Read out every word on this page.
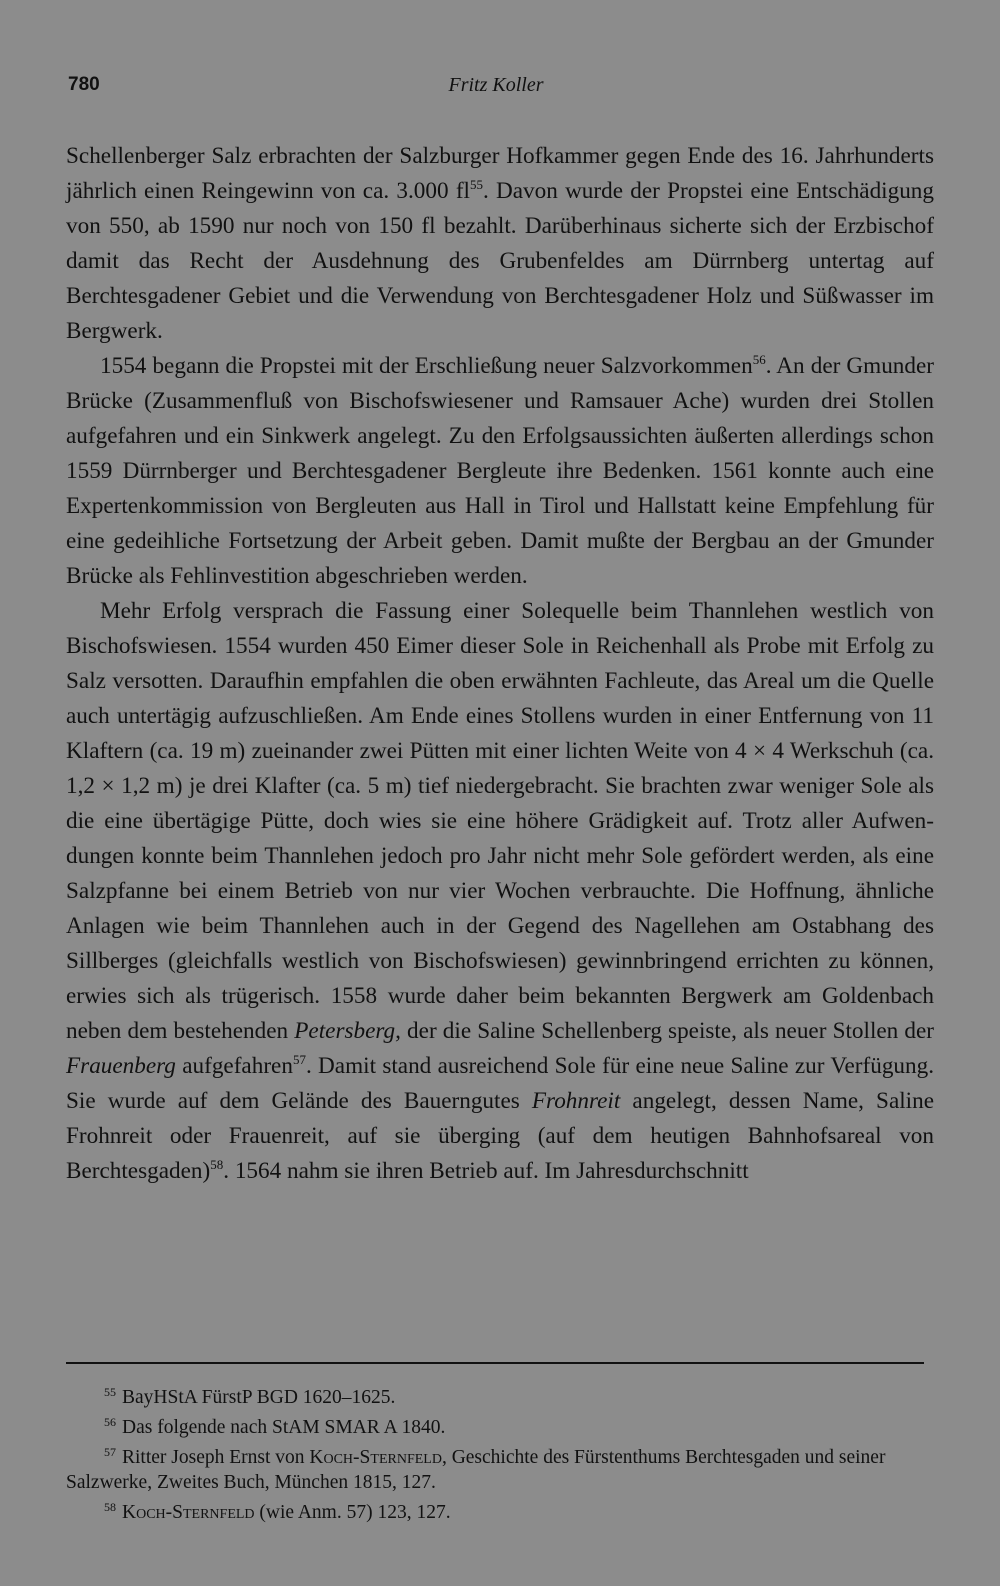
780	Fritz Koller

Schellenberger Salz erbrachten der Salzburger Hofkammer gegen Ende des 16. Jahrhunderts jährlich einen Reingewinn von ca. 3.000 $fl^{55}$. Davon wurde der Propstei eine Entschädigung von 550, ab 1590 nur noch von 150 fl bezahlt. Darüberhinaus sicherte sich der Erzbischof damit das Recht der Ausdehnung des Grubenfeldes am Dürrnberg untertag auf Berchtesgadener Gebiet und die Verwendung von Berchtesgadener Holz und Süßwasser im Bergwerk.

1554 begann die Propstei mit der Erschließung neuer Salzvorkommen$^{56}$. An der Gmunder Brücke (Zusammenfluß von Bischofswiesener und Ramsauer Ache) wurden drei Stollen aufgefahren und ein Sinkwerk angelegt. Zu den Erfolgsaussichten äußerten allerdings schon 1559 Dürrnberger und Berchtesgadener Bergleute ihre Bedenken. 1561 konnte auch eine Expertenkommission von Bergleuten aus Hall in Tirol und Hallstatt keine Empfehlung für eine gedeihliche Fortsetzung der Arbeit geben. Damit mußte der Bergbau an der Gmunder Brücke als Fehlinvestition abgeschrieben werden.

Mehr Erfolg versprach die Fassung einer Solequelle beim Thannlehen westlich von Bischofswiesen. 1554 wurden 450 Eimer dieser Sole in Reichenhall als Probe mit Erfolg zu Salz versotten. Daraufhin empfahlen die oben erwähnten Fachleute, das Areal um die Quelle auch untertägig aufzuschließen. Am Ende eines Stollens wurden in einer Entfernung von 11 Klaftern (ca. 19 m) zueinander zwei Pütten mit einer lichten Weite von 4 × 4 Werkschuh (ca. 1,2 × 1,2 m) je drei Klafter (ca. 5 m) tief niedergebracht. Sie brachten zwar weniger Sole als die eine übertägige Pütte, doch wies sie eine höhere Grädigkeit auf. Trotz aller Aufwendungen konnte beim Thannlehen jedoch pro Jahr nicht mehr Sole gefördert werden, als eine Salzpfanne bei einem Betrieb von nur vier Wochen verbrauchte. Die Hoffnung, ähnliche Anlagen wie beim Thannlehen auch in der Gegend des Nagellehen am Ostabhang des Sillberges (gleichfalls westlich von Bischofswiesen) gewinnbringend errichten zu können, erwies sich als trügerisch. 1558 wurde daher beim bekannten Bergwerk am Goldenbach neben dem bestehenden Petersberg, der die Saline Schellenberg speiste, als neuer Stollen der Frauenberg aufgefahren$^{57}$. Damit stand ausreichend Sole für eine neue Saline zur Verfügung. Sie wurde auf dem Gelände des Bauerngutes Frohnreit angelegt, dessen Name, Saline Frohnreit oder Frauenreit, auf sie überging (auf dem heutigen Bahnhofsareal von Berchtesgaden)$^{58}$. 1564 nahm sie ihren Betrieb auf. Im Jahresdurchschnitt

55 BayHStA FürstP BGD 1620–1625.

56 Das folgende nach StAM SMAR A 1840.

57 Ritter Joseph Ernst von Koch-Sternfeld, Geschichte des Fürstenthums Berchtesgaden und seiner Salzwerke, Zweites Buch, München 1815, 127.

58 Koch-Sternfeld (wie Anm. 57) 123, 127.
